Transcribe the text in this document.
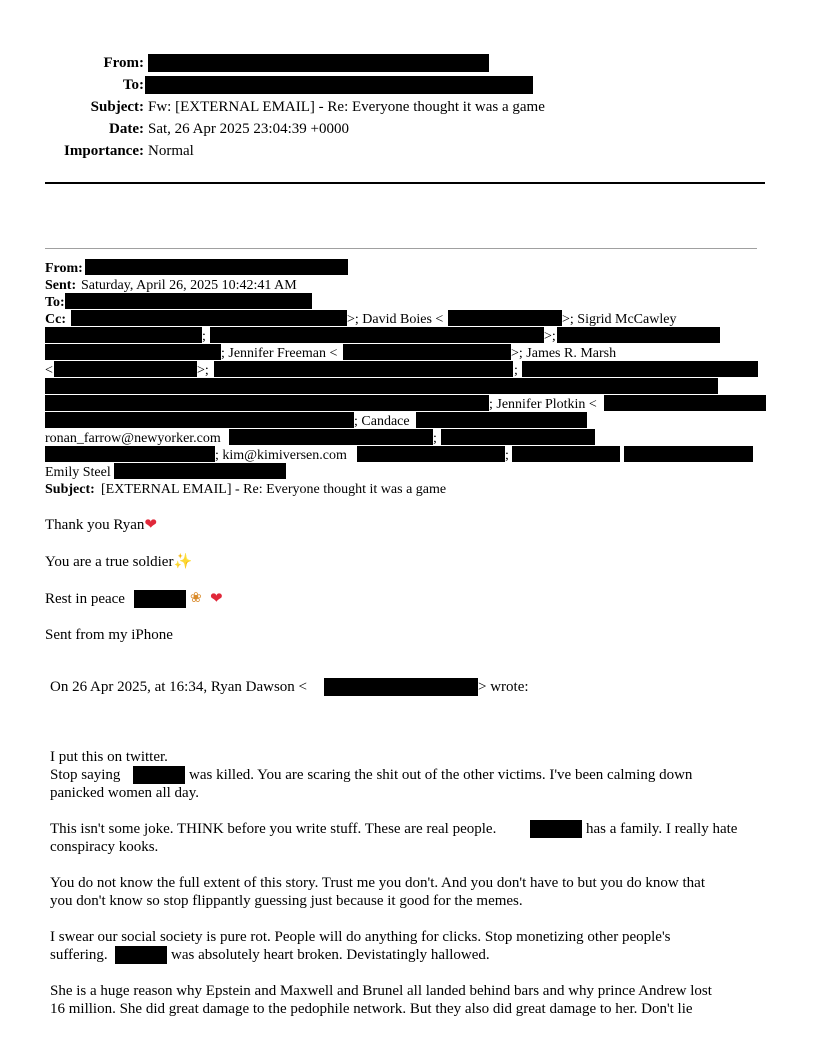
From:
To:
Subject: Fw: [EXTERNAL EMAIL] - Re: Everyone thought it was a game
Date: Sat, 26 Apr 2025 23:04:39 +0000
Importance: Normal
From:
Sent: Saturday, April 26, 2025 10:42:41 AM
To:
Cc:	>; David Boies <	>; Sigrid McCawley
;	>;
; Jennifer Freeman <	>; James R. Marsh
<	>;	;
; Jennifer Plotkin <
; Candace
ronan_farrow@newyorker.com	;
; kim@kimiversen.com	;
Emily Steel
Subject: [EXTERNAL EMAIL] - Re: Everyone thought it was a game
Thank you Ryan❤
You are a true soldier✨
Rest in peace	❀ ❤
Sent from my iPhone
On 26 Apr 2025, at 16:34, Ryan Dawson <	> wrote:
I put this on twitter.
Stop saying	was killed. You are scaring the shit out of the other victims. I've been calming down
panicked women all day.
This isn't some joke. THINK before you write stuff. These are real people.	has a family. I really hate
conspiracy kooks.
You do not know the full extent of this story. Trust me you don't. And you don't have to but you do know that
you don't know so stop flippantly guessing just because it good for the memes.
I swear our social society is pure rot. People will do anything for clicks. Stop monetizing other people's
suffering.	was absolutely heart broken. Devistatingly hallowed.
She is a huge reason why Epstein and Maxwell and Brunel all landed behind bars and why prince Andrew lost
16 million. She did great damage to the pedophile network. But they also did great damage to her. Don't lie
